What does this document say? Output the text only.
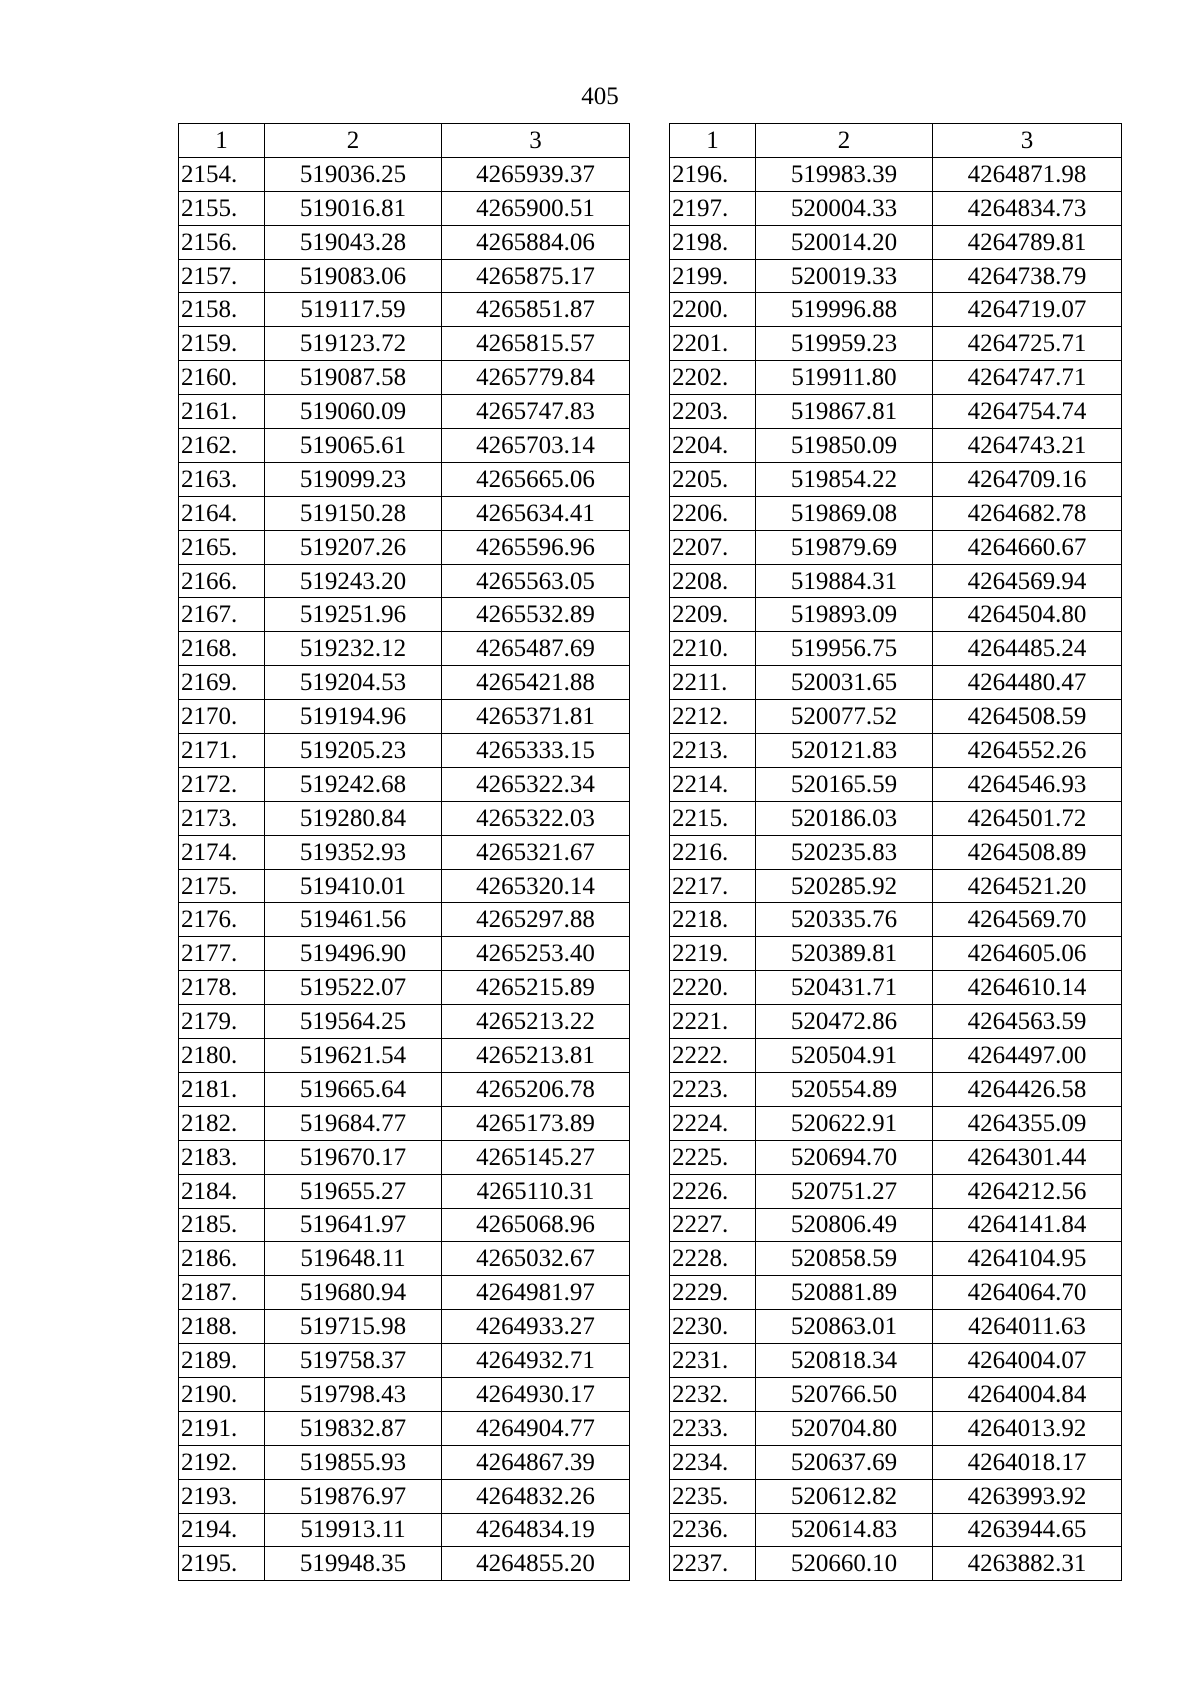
405
1	2	3
2154.	519036.25	4265939.37
2155.	519016.81	4265900.51
2156.	519043.28	4265884.06
2157.	519083.06	4265875.17
2158.	519117.59	4265851.87
2159.	519123.72	4265815.57
2160.	519087.58	4265779.84
2161.	519060.09	4265747.83
2162.	519065.61	4265703.14
2163.	519099.23	4265665.06
2164.	519150.28	4265634.41
2165.	519207.26	4265596.96
2166.	519243.20	4265563.05
2167.	519251.96	4265532.89
2168.	519232.12	4265487.69
2169.	519204.53	4265421.88
2170.	519194.96	4265371.81
2171.	519205.23	4265333.15
2172.	519242.68	4265322.34
2173.	519280.84	4265322.03
2174.	519352.93	4265321.67
2175.	519410.01	4265320.14
2176.	519461.56	4265297.88
2177.	519496.90	4265253.40
2178.	519522.07	4265215.89
2179.	519564.25	4265213.22
2180.	519621.54	4265213.81
2181.	519665.64	4265206.78
2182.	519684.77	4265173.89
2183.	519670.17	4265145.27
2184.	519655.27	4265110.31
2185.	519641.97	4265068.96
2186.	519648.11	4265032.67
2187.	519680.94	4264981.97
2188.	519715.98	4264933.27
2189.	519758.37	4264932.71
2190.	519798.43	4264930.17
2191.	519832.87	4264904.77
2192.	519855.93	4264867.39
2193.	519876.97	4264832.26
2194.	519913.11	4264834.19
2195.	519948.35	4264855.20
1	2	3
2196.	519983.39	4264871.98
2197.	520004.33	4264834.73
2198.	520014.20	4264789.81
2199.	520019.33	4264738.79
2200.	519996.88	4264719.07
2201.	519959.23	4264725.71
2202.	519911.80	4264747.71
2203.	519867.81	4264754.74
2204.	519850.09	4264743.21
2205.	519854.22	4264709.16
2206.	519869.08	4264682.78
2207.	519879.69	4264660.67
2208.	519884.31	4264569.94
2209.	519893.09	4264504.80
2210.	519956.75	4264485.24
2211.	520031.65	4264480.47
2212.	520077.52	4264508.59
2213.	520121.83	4264552.26
2214.	520165.59	4264546.93
2215.	520186.03	4264501.72
2216.	520235.83	4264508.89
2217.	520285.92	4264521.20
2218.	520335.76	4264569.70
2219.	520389.81	4264605.06
2220.	520431.71	4264610.14
2221.	520472.86	4264563.59
2222.	520504.91	4264497.00
2223.	520554.89	4264426.58
2224.	520622.91	4264355.09
2225.	520694.70	4264301.44
2226.	520751.27	4264212.56
2227.	520806.49	4264141.84
2228.	520858.59	4264104.95
2229.	520881.89	4264064.70
2230.	520863.01	4264011.63
2231.	520818.34	4264004.07
2232.	520766.50	4264004.84
2233.	520704.80	4264013.92
2234.	520637.69	4264018.17
2235.	520612.82	4263993.92
2236.	520614.83	4263944.65
2237.	520660.10	4263882.31
